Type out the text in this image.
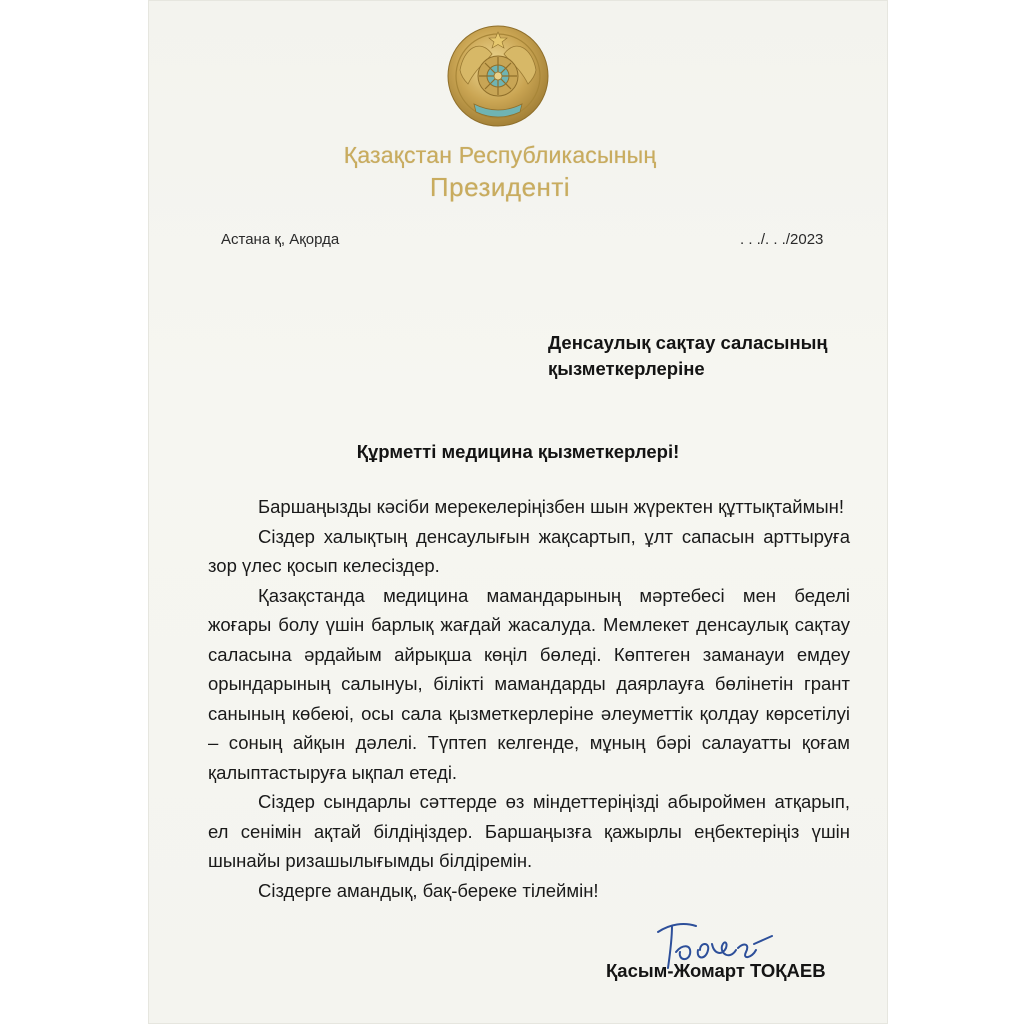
Қазақстан Республикасының
Президенті
Астана қ, Ақорда	. . ./. . ./2023
Денсаулық сақтау саласының
қызметкерлеріне
Құрметті медицина қызметкерлері!

Баршаңызды кәсіби мерекелеріңізбен шын жүректен құттықтаймын!

Сіздер халықтың денсаулығын жақсартып, ұлт сапасын арттыруға зор үлес қосып келесіздер.

Қазақстанда медицина мамандарының мәртебесі мен беделі жоғары болу үшін барлық жағдай жасалуда. Мемлекет денсаулық сақтау саласына әрдайым айрықша көңіл бөледі. Көптеген заманауи емдеу орындарының салынуы, білікті мамандарды даярлауға бөлінетін грант санының көбеюі, осы сала қызметкерлеріне әлеуметтік қолдау көрсетілуі – соның айқын дәлелі. Түптеп келгенде, мұның бәрі салауатты қоғам қалыптастыруға ықпал етеді.

Сіздер сындарлы сәттерде өз міндеттеріңізді абыроймен атқарып, ел сенімін ақтай білдіңіздер. Баршаңызға қажырлы еңбектеріңіз үшін шынайы ризашылығымды білдіремін.

Сіздерге амандық, бақ-береке тілеймін!

Қасым-Жомарт ТОҚАЕВ
